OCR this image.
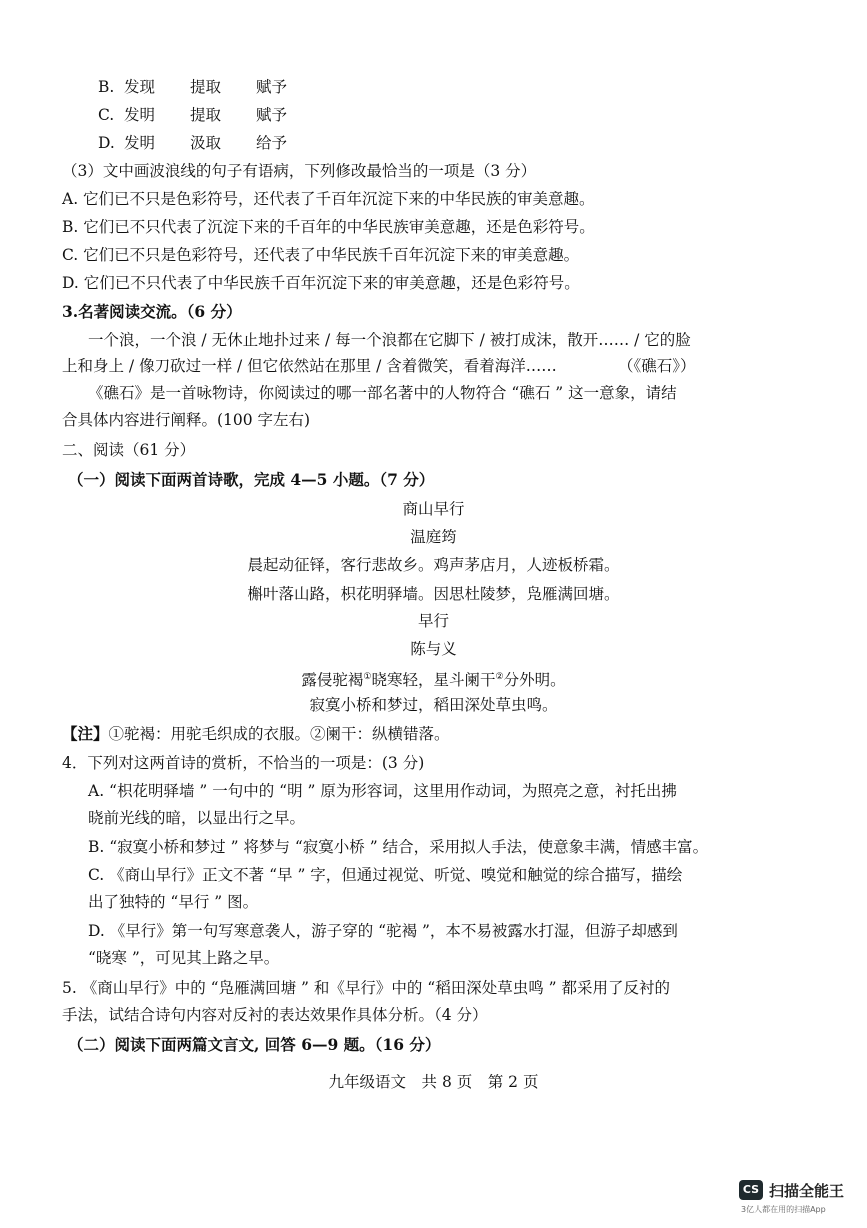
B. 发现 提取 赋予
C. 发明 提取 赋予
D. 发明 汲取 给予
（3）文中画波浪线的句子有语病，下列修改最恰当的一项是（3 分）
A. 它们已不只是色彩符号，还代表了千百年沉淀下来的中华民族的审美意趣。
B. 它们已不只代表了沉淀下来的千百年的中华民族审美意趣，还是色彩符号。
C. 它们已不只是色彩符号，还代表了中华民族千百年沉淀下来的审美意趣。
D. 它们已不只代表了中华民族千百年沉淀下来的审美意趣，还是色彩符号。
3.名著阅读交流。（6 分）
一个浪，一个浪 / 无休止地扑过来 / 每一个浪都在它脚下 / 被打成沫，散开…… / 它的脸
上和身上 / 像刀砍过一样 / 但它依然站在那里 / 含着微笑，看着海洋……	（《礁石》）
《礁石》是一首咏物诗，你阅读过的哪一部名著中的人物符合 “礁石 ” 这一意象，请结
合具体内容进行阐释。(100 字左右)
二、阅读（61 分）
（一）阅读下面两首诗歌，完成 4—5 小题。（7 分）
商山早行
温庭筠
晨起动征铎，客行悲故乡。鸡声茅店月，人迹板桥霜。
槲叶落山路，枳花明驿墙。因思杜陵梦，凫雁满回塘。
早行
陈与义
露侵驼褐①晓寒轻，星斗阑干②分外明。
寂寞小桥和梦过，稻田深处草虫鸣。
【注】①驼褐：用驼毛织成的衣服。②阑干：纵横错落。
4．下列对这两首诗的赏析，不恰当的一项是：(3 分)
A. “枳花明驿墙 ” 一句中的 “明 ” 原为形容词，这里用作动词，为照亮之意，衬托出拂
晓前光线的暗，以显出行之早。
B. “寂寞小桥和梦过 ” 将梦与 “寂寞小桥 ” 结合，采用拟人手法，使意象丰满，情感丰富。
C. 《商山早行》正文不著 “早 ” 字，但通过视觉、听觉、嗅觉和触觉的综合描写，描绘
出了独特的 “早行 ” 图。
D. 《早行》第一句写寒意袭人，游子穿的 “驼褐 ”，本不易被露水打湿，但游子却感到
“晓寒 ”，可见其上路之早。
5. 《商山早行》中的 “凫雁满回塘 ” 和《早行》中的 “稻田深处草虫鸣 ” 都采用了反衬的
手法，试结合诗句内容对反衬的表达效果作具体分析。（4 分）
（二）阅读下面两篇文言文, 回答 6—9 题。（16 分）
九年级语文　共 8 页　第 2 页
CS 扫描全能王
3亿人都在用的扫描App
